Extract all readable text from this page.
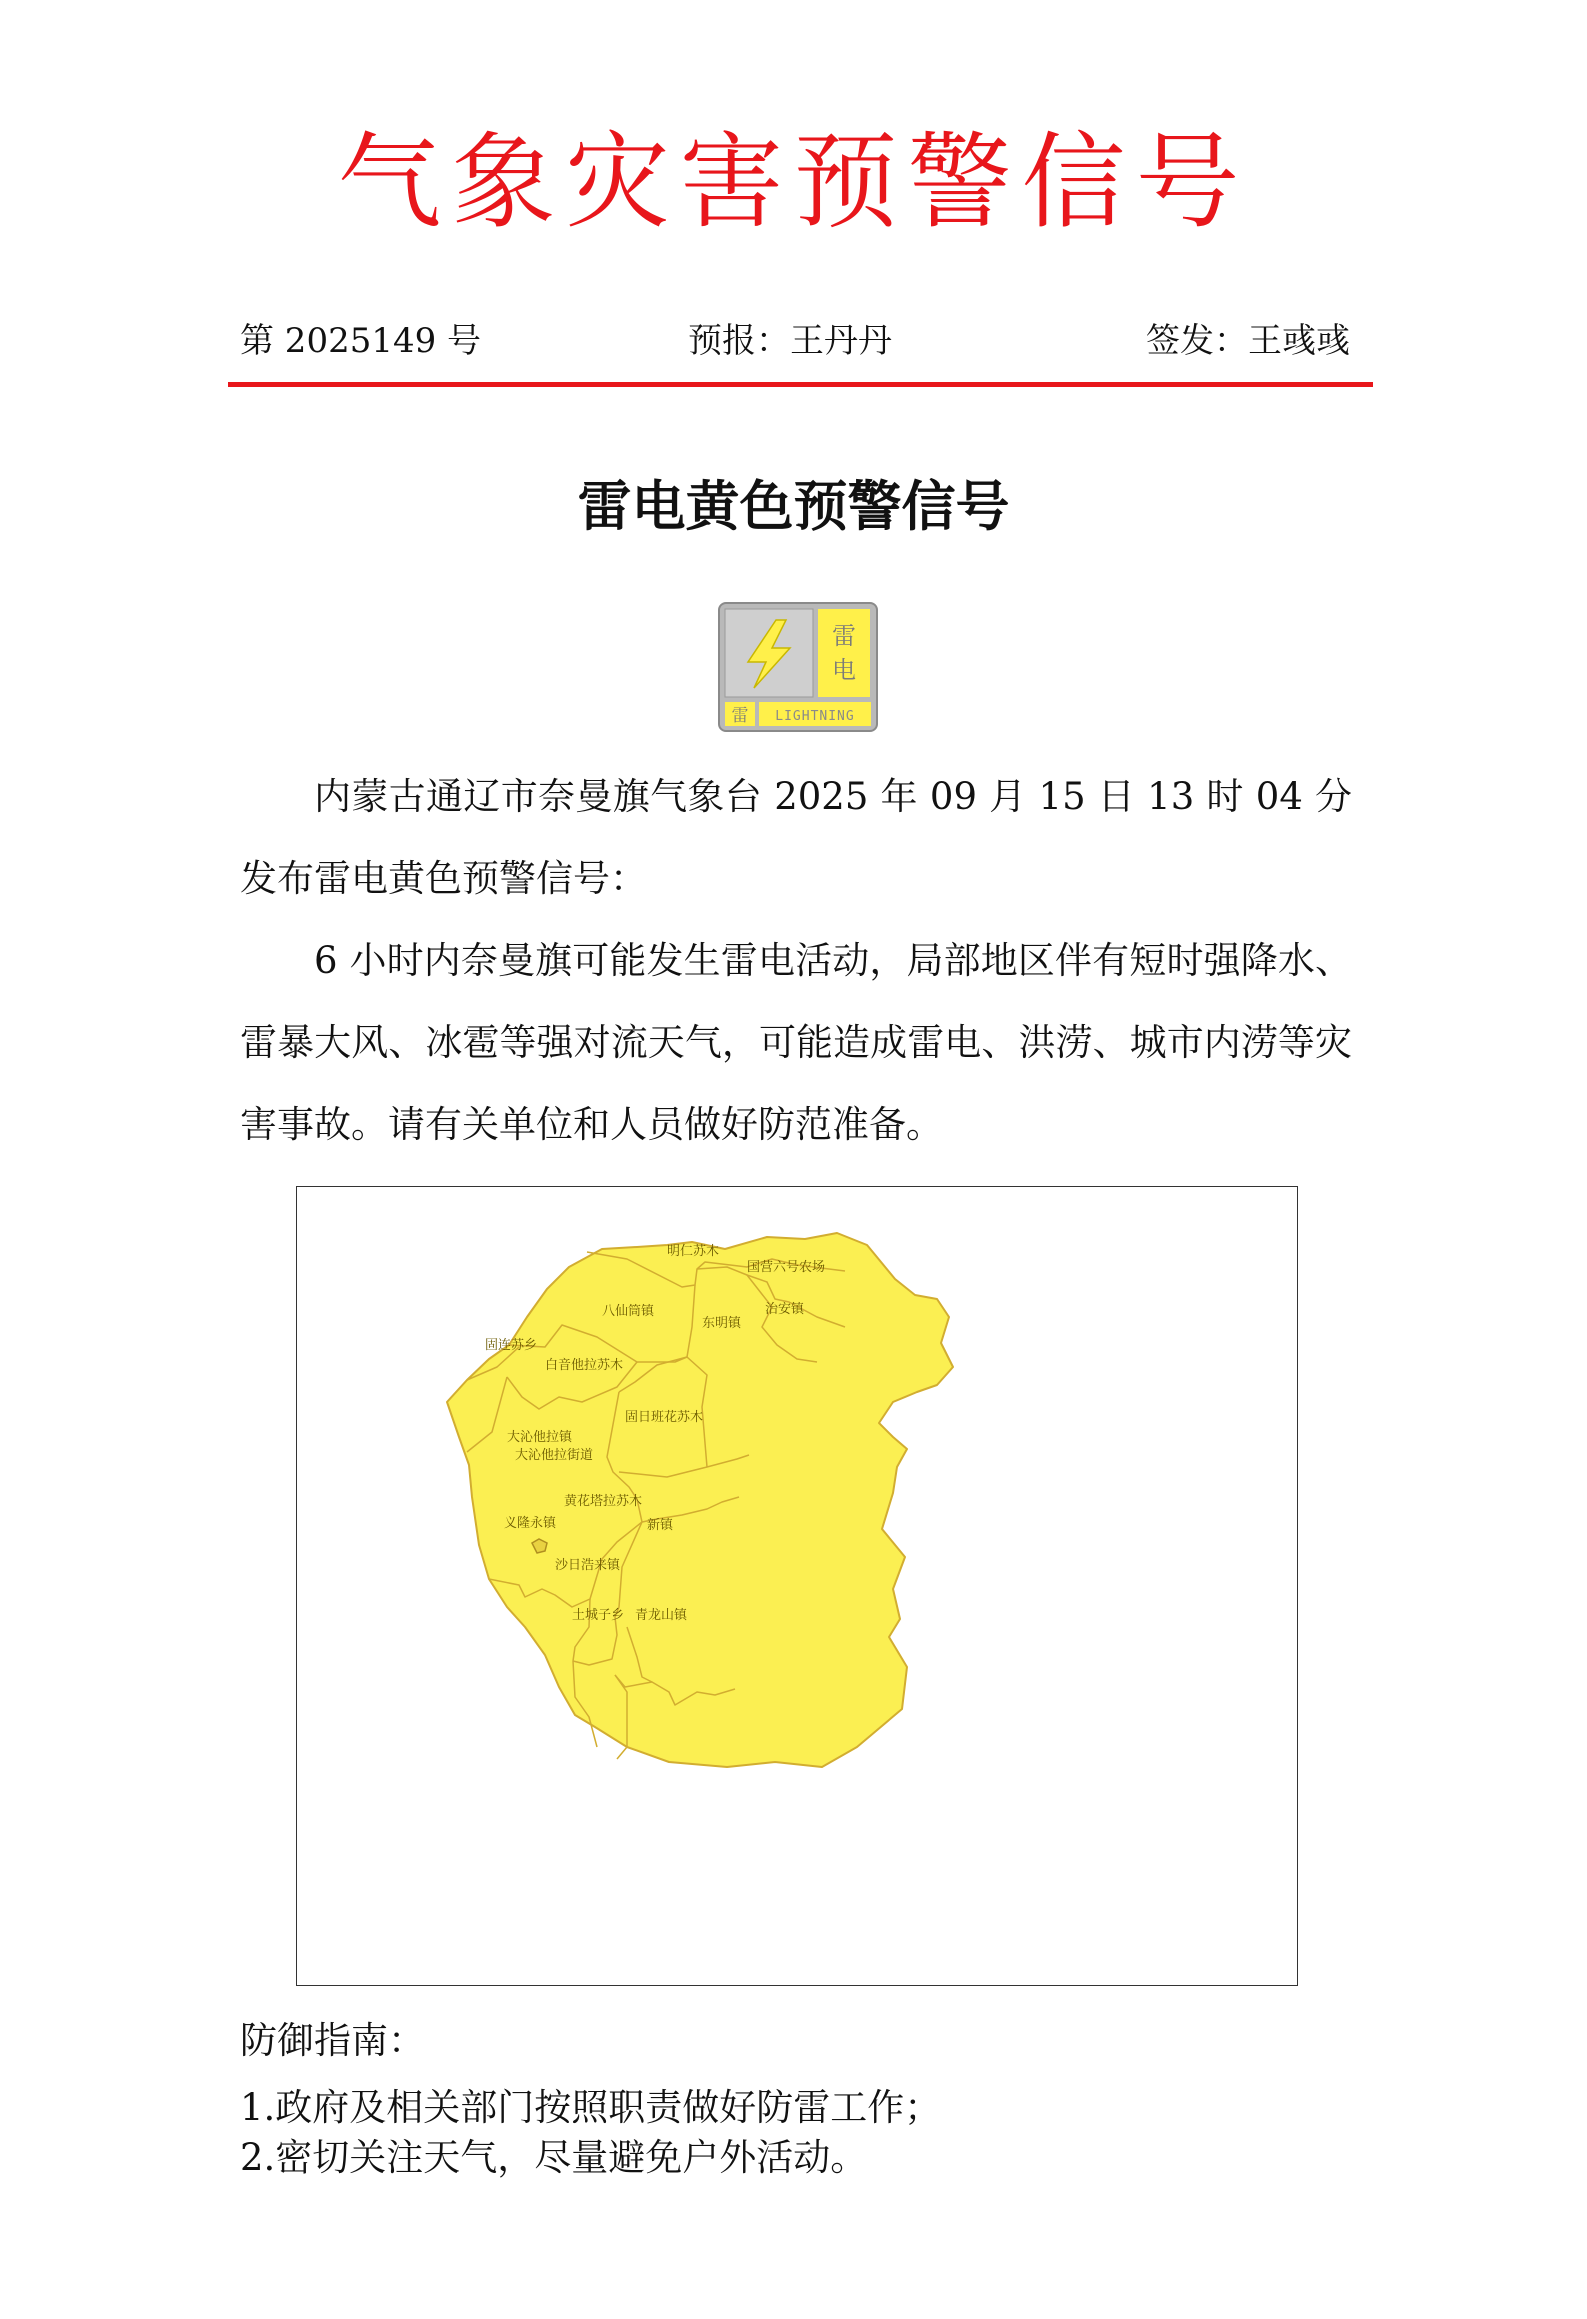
气象灾害预警信号
第 2025149 号	预报：王丹丹	签发：王彧彧
雷电黄色预警信号
雷
电
雷 LIGHTNING
内蒙古通辽市奈曼旗气象台 2025 年 09 月 15 日 13 时 04 分发布雷电黄色预警信号：
6 小时内奈曼旗可能发生雷电活动，局部地区伴有短时强降水、雷暴大风、冰雹等强对流天气，可能造成雷电、洪涝、城市内涝等灾害事故。请有关单位和人员做好防范准备。
明仁苏木
国营六号农场
八仙筒镇
东明镇
治安镇
固连苏乡
白音他拉苏木
固日班花苏木
大沁他拉镇
大沁他拉街道
黄花塔拉苏木
义隆永镇	新镇
沙日浩来镇
土城子乡 青龙山镇
防御指南：
1.政府及相关部门按照职责做好防雷工作；
2.密切关注天气，尽量避免户外活动。
